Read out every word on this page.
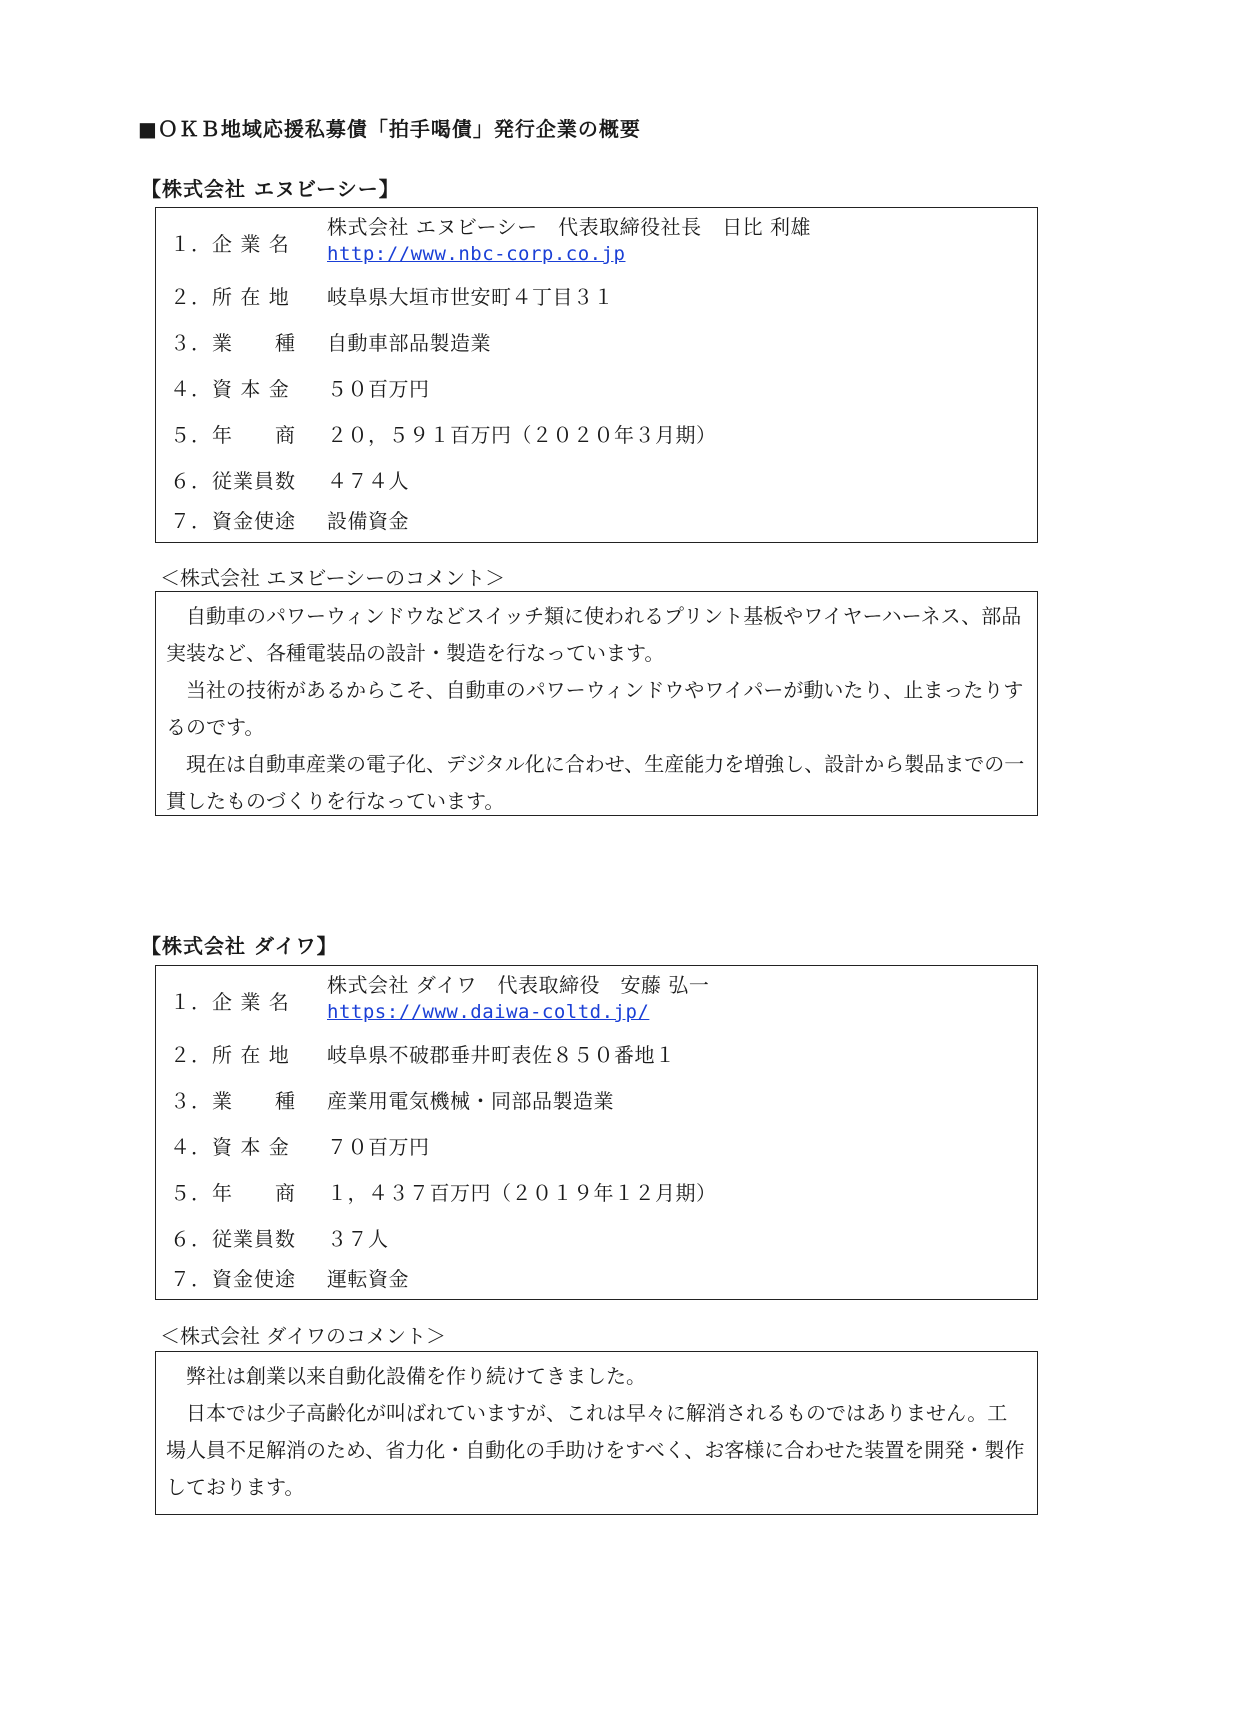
■ＯＫＢ地域応援私募債「拍手喝債」発行企業の概要
【株式会社 エヌビーシー】
１．企 業 名
株式会社 エヌビーシー　代表取締役社長　日比 利雄
http://www.nbc-corp.co.jp
２．所 在 地 岐阜県大垣市世安町４丁目３１
３．業　　種 自動車部品製造業
４．資 本 金 ５０百万円
５．年　　商 ２０，５９１百万円（２０２０年３月期）
６．従業員数 ４７４人
７．資金使途 設備資金
＜株式会社 エヌビーシーのコメント＞

自動車のパワーウィンドウなどスイッチ類に使われるプリント基板やワイヤーハーネス、部品実装など、各種電装品の設計・製造を行なっています。

当社の技術があるからこそ、自動車のパワーウィンドウやワイパーが動いたり、止まったりするのです。

現在は自動車産業の電子化、デジタル化に合わせ、生産能力を増強し、設計から製品までの一貫したものづくりを行なっています。

【株式会社 ダイワ】
１．企 業 名
株式会社 ダイワ　代表取締役　安藤 弘一
https://www.daiwa-coltd.jp/
２．所 在 地 岐阜県不破郡垂井町表佐８５０番地１
３．業　　種 産業用電気機械・同部品製造業
４．資 本 金 ７０百万円
５．年　　商 １，４３７百万円（２０１９年１２月期）
６．従業員数 ３７人
７．資金使途 運転資金
＜株式会社 ダイワのコメント＞

弊社は創業以来自動化設備を作り続けてきました。

日本では少子高齢化が叫ばれていますが、これは早々に解消されるものではありません。工場人員不足解消のため、省力化・自動化の手助けをすべく、お客様に合わせた装置を開発・製作しております。
